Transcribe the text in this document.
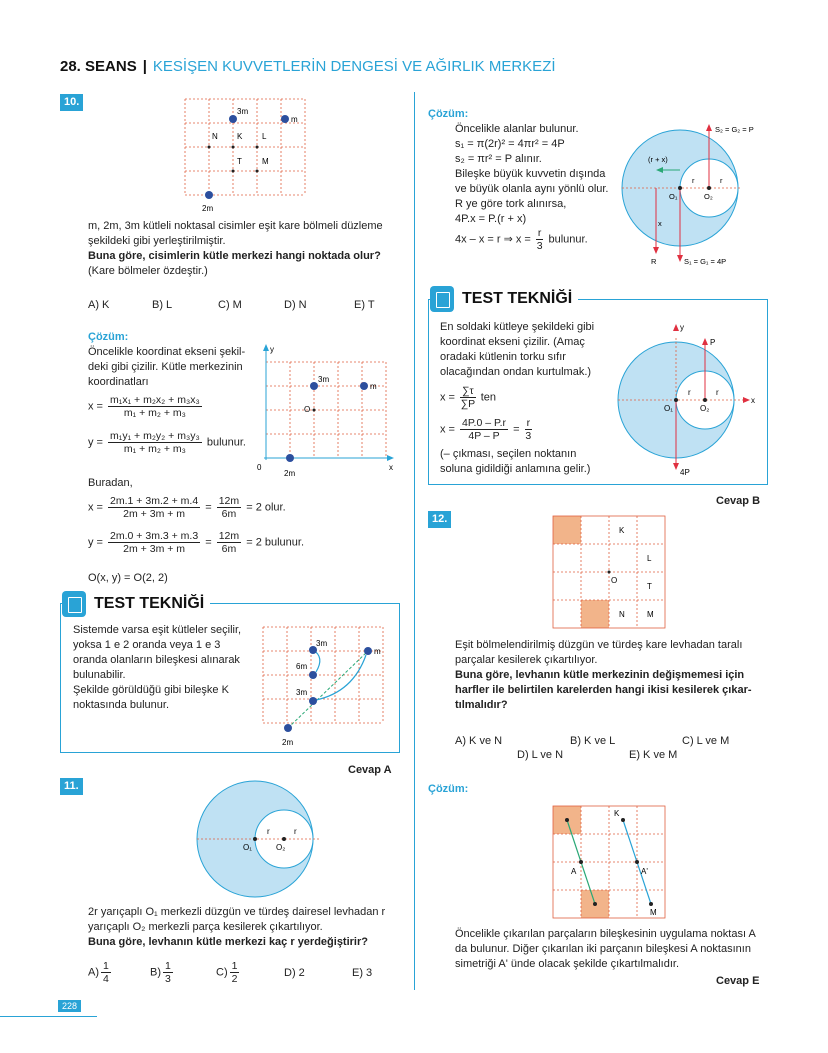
28. SEANS | KESİŞEN KUVVETLERİN DENGESİ VE AĞIRLIK MERKEZİ
10.
3m
m
N K L
T	M
2m
m, 2m, 3m kütleli noktasal cisimler eşit kare bölmeli düzleme
şekildeki gibi yerleştirilmiştir.
Buna göre, cisimlerin kütle merkezi hangi noktada olur?
(Kare bölmeler özdeştir.)
A) K	B) L	C) M	D) N	E) T
Çözüm:
Öncelikle koordinat ekseni şekil-
deki gibi çizilir. Kütle merkezinin
koordinatları
$x = \frac{\text{m₁x₁ + m₂x₂ + m₃x₃}}{\text{m₁ + m₂ + m₃}}$
$y = \frac{\text{m₁y₁ + m₂y₂ + m₃y₃}}{\text{m₁ + m₂ + m₃}}$ bulunur.
y
x
0
3m
m
O
2m
Buradan,
$x = \frac{2m.1 + 3m.2 + m.4}{2m + 3m + m} = \frac{12m}{6m} = 2$ olur.
$y = \frac{2m.0 + 3m.3 + m.3}{2m + 3m + m} = \frac{12m}{6m} = 2$ bulunur.
O(x, y) = O(2, 2)
TEST TEKNİĞİ
Sistemde varsa eşit kütleler seçilir,
yoksa 1 e 2 oranda veya 1 e 3
oranda olanların bileşkesi alınarak
bulunabilir.
Şekilde görüldüğü gibi bileşke K
noktasında bulunur.
3m
m
6m
3m
2m
Cevap A
11.
r	r
O₁	O₂
2r yarıçaplı O₁ merkezli düzgün ve türdeş dairesel levhadan r
yarıçaplı O₂ merkezli parça kesilerek çıkartılıyor.
Buna göre, levhanın kütle merkezi kaç r yerdeğiştirir?
$A) \frac{1}{4}$	$B) \frac{1}{3}$	$C) \frac{1}{2}$	D) 2	E) 3
228
Çözüm:
Öncelikle alanlar bulunur.
s₁ = π(2r)² = 4πr² = 4P
s₂ = πr² = P alınır.
Bileşke büyük kuvvetin dışında
ve büyük olanla aynı yönlü olur.
R ye göre tork alınırsa,
4P.x = P.(r + x)
4x – x = r ⇒ $x = \frac{r}{3}$ bulunur.
S₂ = G₂ = P
(r + x)
r	r
O₁	O₂
x
R	S₁ = G₁ = 4P
TEST TEKNİĞİ
En soldaki kütleye şekildeki gibi
koordinat ekseni çizilir. (Amaç
oradaki kütlenin torku sıfır
olacağından ondan kurtulmak.)
$x = \frac{\sum\tau}{\sum P}$ ten
$x = \frac{4P.0 - P.r}{4P - P} = \frac{r}{3}$
(– çıkması, seçilen noktanın
soluna gidildiği anlamına gelir.)
y
P
x
r	r
O₁	O₂
4P
Cevap B
12.
K
L
O
T
N	M
Eşit bölmelendirilmiş düzgün ve türdeş kare levhadan taralı
parçalar kesilerek çıkartılıyor.
Buna göre, levhanın kütle merkezinin değişmemesi için
harfler ile belirtilen karelerden hangi ikisi kesilerek çıkar-
tılmalıdır?
A) K ve N	B) K ve L	C) L ve M
D) L ve N	E) K ve M
Çözüm:
K
A	A'
M
Öncelikle çıkarılan parçaların bileşkesinin uygulama noktası A
da bulunur. Diğer çıkarılan iki parçanın bileşkesi A noktasının
simetriği A' ünde olacak şekilde çıkartılmalıdır.
Cevap E
